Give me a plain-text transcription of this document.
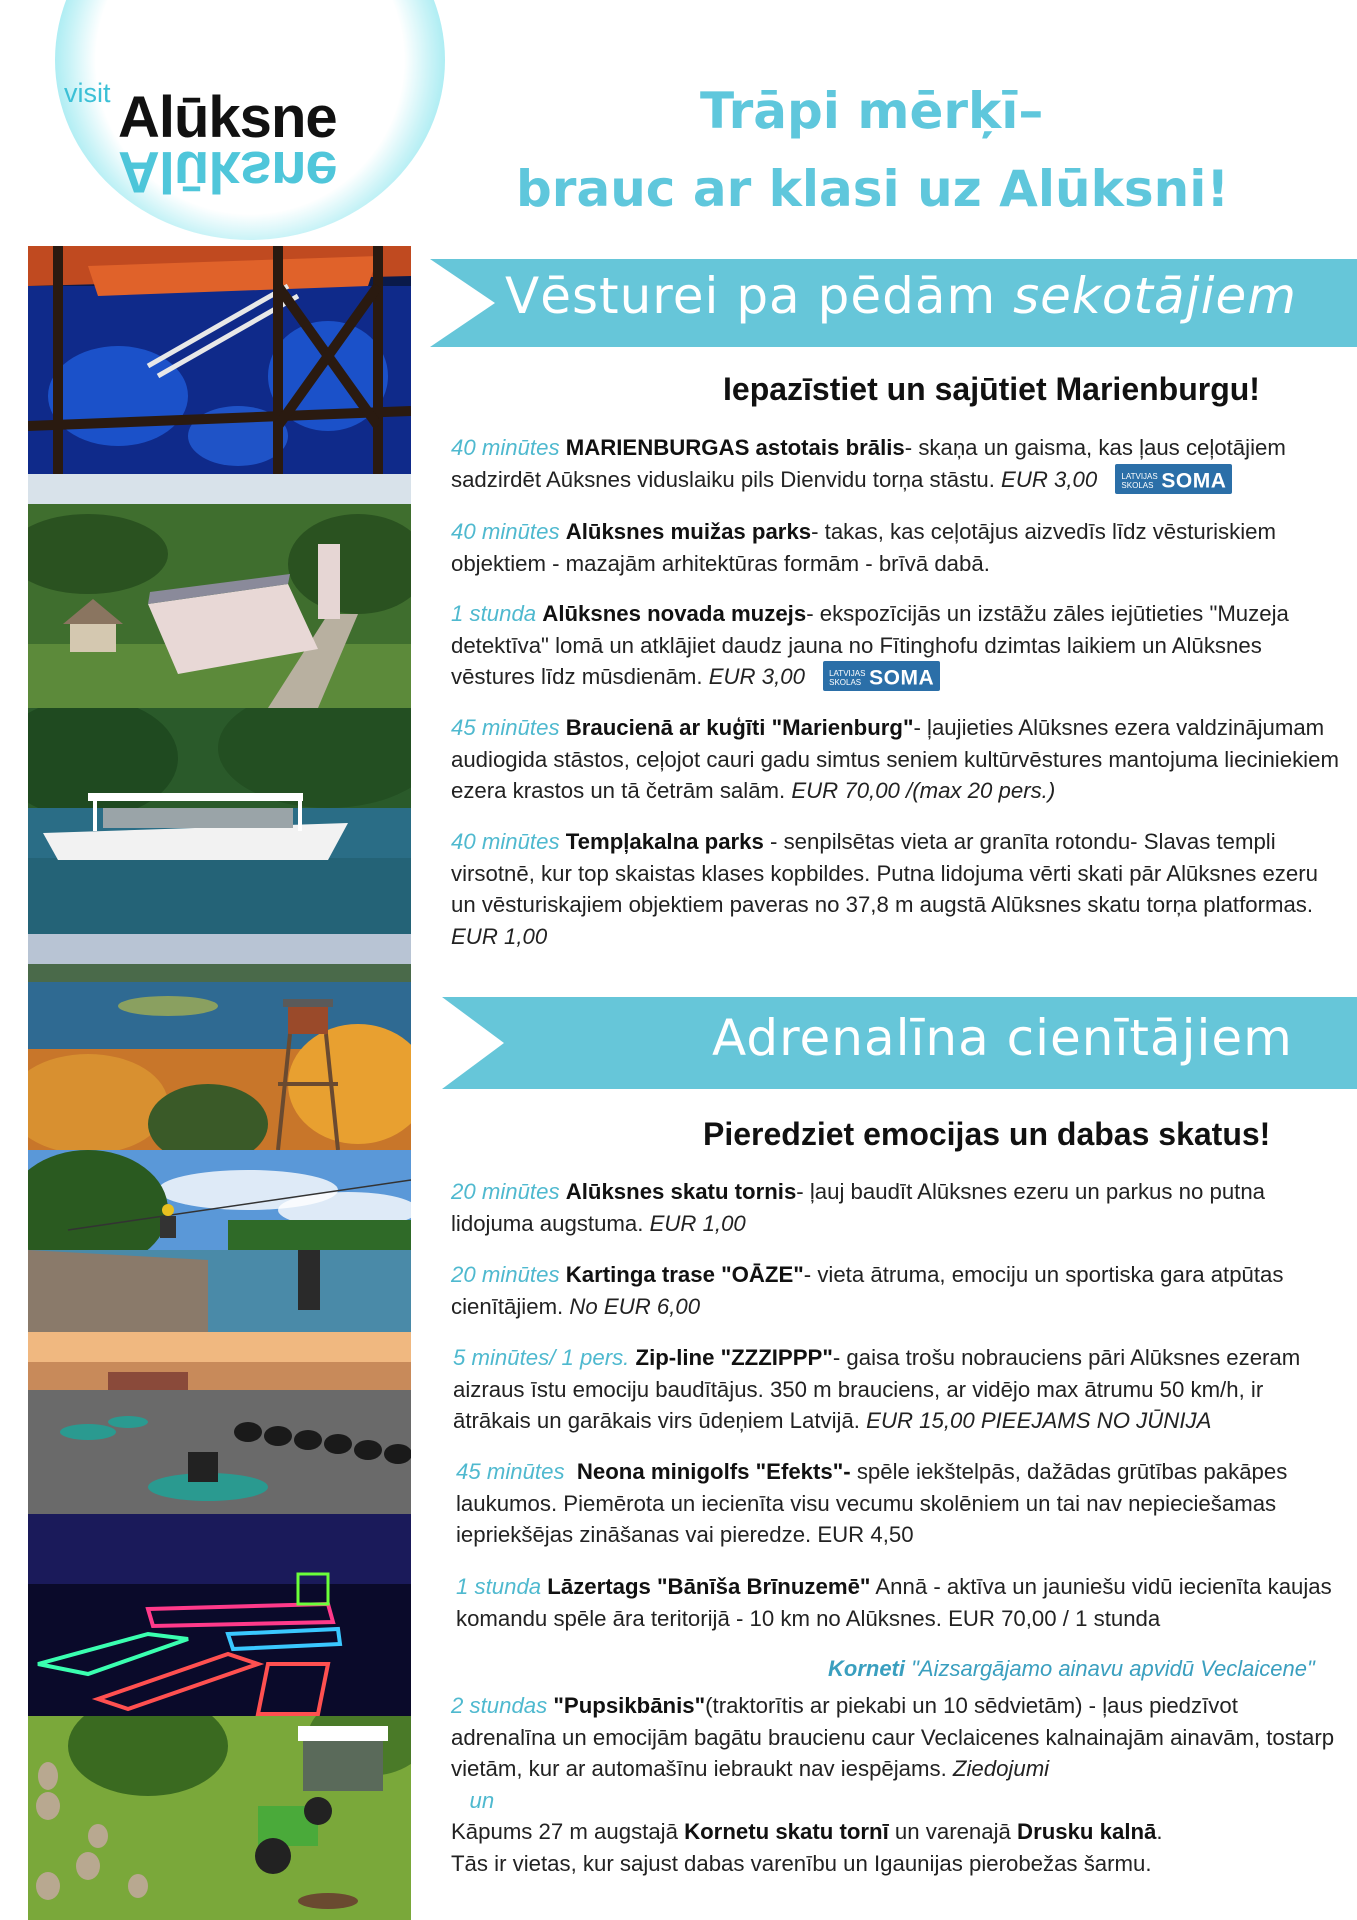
visit Alūksne
Alūksne
Trāpi mērķī–
brauc ar klasi uz Alūksni!
Vēsturei pa pēdām sekotājiem
Iepazīstiet un sajūtiet Marienburgu!
40 minūtes MARIENBURGAS astotais brālis- skaņa un gaisma, kas ļaus ceļotājiem sadzirdēt Aūksnes viduslaiku pils Dienvidu torņa stāstu. EUR 3,00	LATVIJAS SKOLAS SOMA
40 minūtes Alūksnes muižas parks- takas, kas ceļotājus aizvedīs līdz vēsturiskiem objektiem - mazajām arhitektūras formām - brīvā dabā.
1 stunda Alūksnes novada muzejs- ekspozīcijās un izstāžu zāles iejūtieties "Muzeja detektīva" lomā un atklājiet daudz jauna no Fītinghofu dzimtas laikiem un Alūksnes vēstures līdz mūsdienām. EUR 3,00	LATVIJAS SKOLAS SOMA
45 minūtes Braucienā ar kuģīti "Marienburg"- ļaujieties Alūksnes ezera valdzinājumam audiogida stāstos, ceļojot cauri gadu simtus seniem kultūrvēstures mantojuma lieciniekiem ezera krastos un tā četrām salām. EUR 70,00 /(max 20 pers.)
40 minūtes Tempļakalna parks - senpilsētas vieta ar granīta rotondu- Slavas templi virsotnē, kur top skaistas klases kopbildes. Putna lidojuma vērti skati pār Alūksnes ezeru un vēsturiskajiem objektiem paveras no 37,8 m augstā Alūksnes skatu torņa platformas. EUR 1,00
Adrenalīna cienītājiem
Pieredziet emocijas un dabas skatus!
20 minūtes Alūksnes skatu tornis- ļauj baudīt Alūksnes ezeru un parkus no putna lidojuma augstuma. EUR 1,00
20 minūtes Kartinga trase "OĀZE"- vieta ātruma, emociju un sportiska gara atpūtas cienītājiem. No EUR 6,00
5 minūtes/ 1 pers. Zip-line "ZZZIPPP"- gaisa trošu nobrauciens pāri Alūksnes ezeram aizraus īstu emociju baudītājus. 350 m brauciens, ar vidējo max ātrumu 50 km/h, ir ātrākais un garākais virs ūdeņiem Latvijā. EUR 15,00 PIEEJAMS NO JŪNIJA
45 minūtes Neona minigolfs "Efekts"- spēle iekštelpās, dažādas grūtības pakāpes laukumos. Piemērota un iecienīta visu vecumu skolēniem un tai nav nepieciešamas iepriekšējas zināšanas vai pieredze. EUR 4,50
1 stunda Lāzertags "Bānīša Brīnuzemē" Annā - aktīva un jauniešu vidū iecienīta kaujas komandu spēle āra teritorijā - 10 km no Alūksnes. EUR 70,00 / 1 stunda
Korneti "Aizsargājamo ainavu apvidū Veclaicene"
2 stundas "Pupsikbānis"(traktorītis ar piekabi un 10 sēdvietām) - ļaus piedzīvot adrenalīna un emocijām bagātu braucienu caur Veclaicenes kalnainajām ainavām, tostarp vietām, kur ar automašīnu iebraukt nav iespējams. Ziedojumi
un
Kāpums 27 m augstajā Kornetu skatu tornī un varenajā Drusku kalnā.
Tās ir vietas, kur sajust dabas varenību un Igaunijas pierobežas šarmu.
